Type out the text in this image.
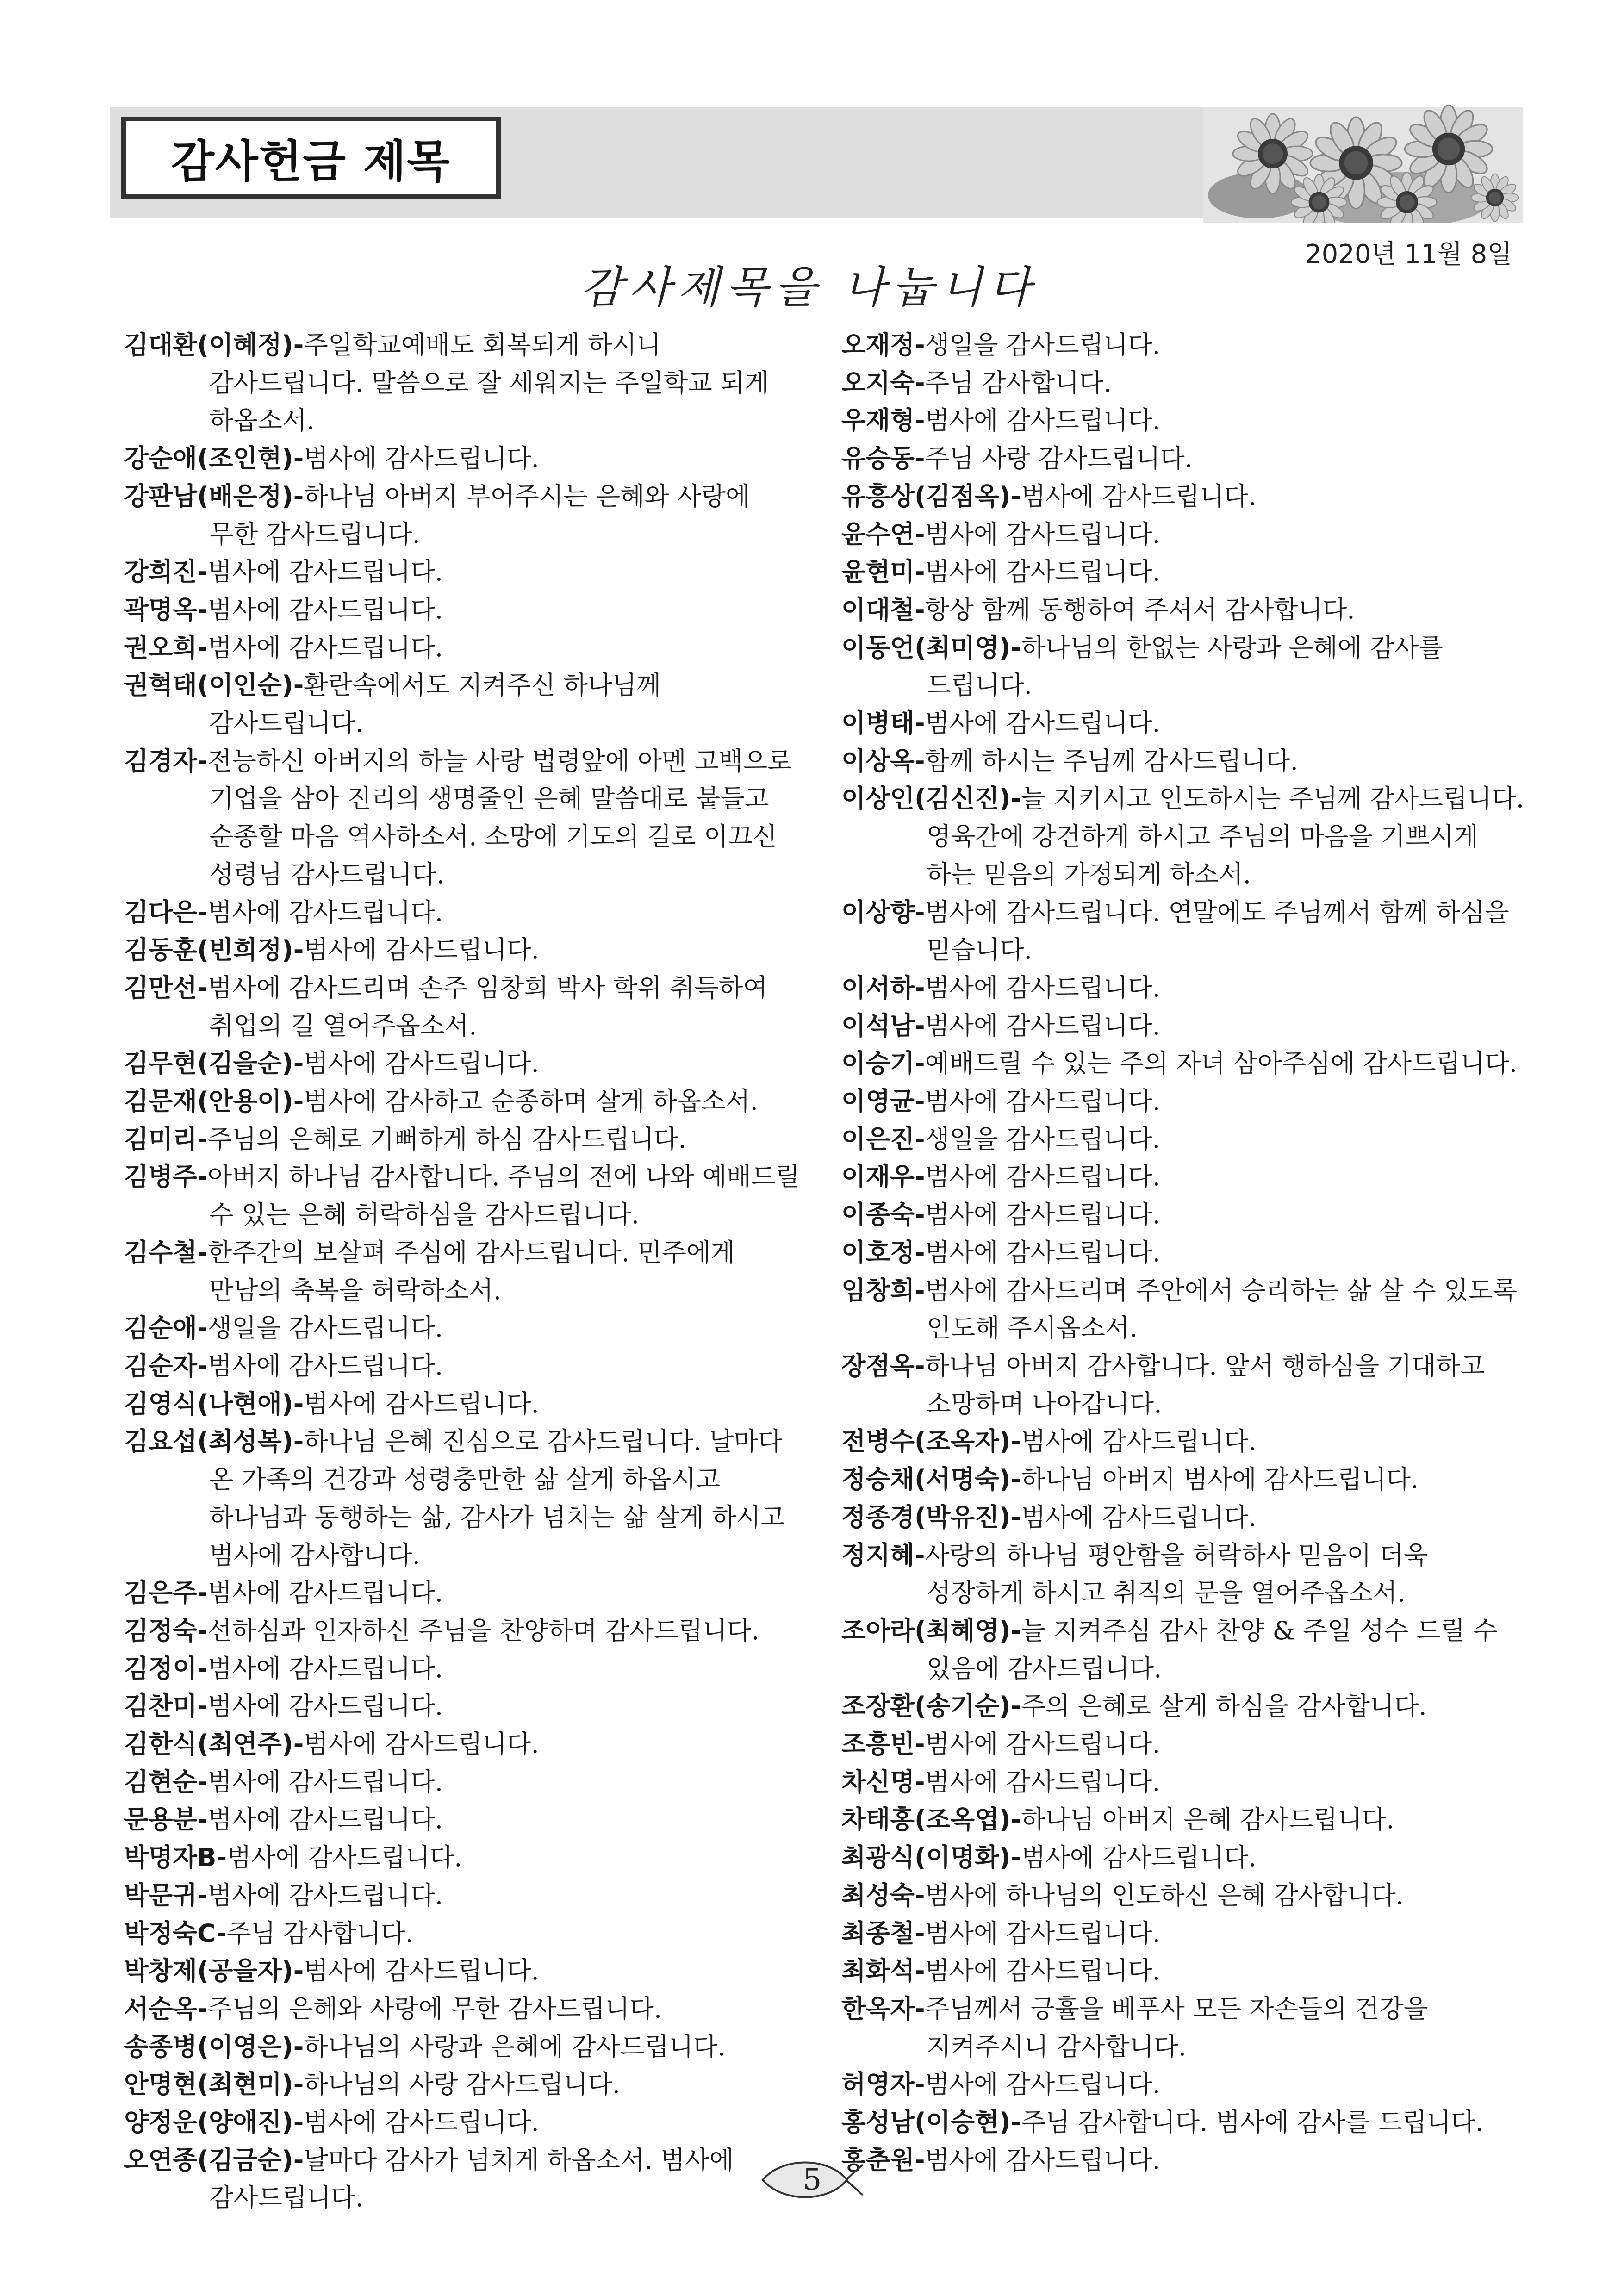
감사헌금 제목
2020년 11월 8일
감사제목을 나눕니다
김대환(이혜정)-주일학교예배도 회복되게 하시니 감사드립니다. 말씀으로 잘 세워지는 주일학교 되게 하옵소서.
강순애(조인현)-범사에 감사드립니다.
강판남(배은정)-하나님 아버지 부어주시는 은혜와 사랑에 무한 감사드립니다.
강희진-범사에 감사드립니다.
곽명옥-범사에 감사드립니다.
권오희-범사에 감사드립니다.
권혁태(이인순)-환란속에서도 지켜주신 하나님께 감사드립니다.
김경자-전능하신 아버지의 하늘 사랑 법령앞에 아멘 고백으로 기업을 삼아 진리의 생명줄인 은혜 말씀대로 붙들고 순종할 마음 역사하소서. 소망에 기도의 길로 이끄신 성령님 감사드립니다.
김다은-범사에 감사드립니다.
김동훈(빈희정)-범사에 감사드립니다.
김만선-범사에 감사드리며 손주 임창희 박사 학위 취득하여 취업의 길 열어주옵소서.
김무현(김을순)-범사에 감사드립니다.
김문재(안용이)-범사에 감사하고 순종하며 살게 하옵소서.
김미리-주님의 은혜로 기뻐하게 하심 감사드립니다.
김병주-아버지 하나님 감사합니다. 주님의 전에 나와 예배드릴 수 있는 은혜 허락하심을 감사드립니다.
김수철-한주간의 보살펴 주심에 감사드립니다. 민주에게 만남의 축복을 허락하소서.
김순애-생일을 감사드립니다.
김순자-범사에 감사드립니다.
김영식(나현애)-범사에 감사드립니다.
김요섭(최성복)-하나님 은혜 진심으로 감사드립니다. 날마다 온 가족의 건강과 성령충만한 삶 살게 하옵시고 하나님과 동행하는 삶, 감사가 넘치는 삶 살게 하시고 범사에 감사합니다.
김은주-범사에 감사드립니다.
김정숙-선하심과 인자하신 주님을 찬양하며 감사드립니다.
김정이-범사에 감사드립니다.
김찬미-범사에 감사드립니다.
김한식(최연주)-범사에 감사드립니다.
김현순-범사에 감사드립니다.
문용분-범사에 감사드립니다.
박명자B-범사에 감사드립니다.
박문귀-범사에 감사드립니다.
박정숙C-주님 감사합니다.
박창제(공을자)-범사에 감사드립니다.
서순옥-주님의 은혜와 사랑에 무한 감사드립니다.
송종병(이영은)-하나님의 사랑과 은혜에 감사드립니다.
안명현(최현미)-하나님의 사랑 감사드립니다.
양정운(양애진)-범사에 감사드립니다.
오연종(김금순)-날마다 감사가 넘치게 하옵소서. 범사에 감사드립니다.
오재정-생일을 감사드립니다.
오지숙-주님 감사합니다.
우재형-범사에 감사드립니다.
유승동-주님 사랑 감사드립니다.
유흥상(김점옥)-범사에 감사드립니다.
윤수연-범사에 감사드립니다.
윤현미-범사에 감사드립니다.
이대철-항상 함께 동행하여 주셔서 감사합니다.
이동언(최미영)-하나님의 한없는 사랑과 은혜에 감사를 드립니다.
이병태-범사에 감사드립니다.
이상옥-함께 하시는 주님께 감사드립니다.
이상인(김신진)-늘 지키시고 인도하시는 주님께 감사드립니다. 영육간에 강건하게 하시고 주님의 마음을 기쁘시게 하는 믿음의 가정되게 하소서.
이상향-범사에 감사드립니다. 연말에도 주님께서 함께 하심을 믿습니다.
이서하-범사에 감사드립니다.
이석남-범사에 감사드립니다.
이승기-예배드릴 수 있는 주의 자녀 삼아주심에 감사드립니다.
이영균-범사에 감사드립니다.
이은진-생일을 감사드립니다.
이재우-범사에 감사드립니다.
이종숙-범사에 감사드립니다.
이호정-범사에 감사드립니다.
임창희-범사에 감사드리며 주안에서 승리하는 삶 살 수 있도록 인도해 주시옵소서.
장점옥-하나님 아버지 감사합니다. 앞서 행하심을 기대하고 소망하며 나아갑니다.
전병수(조옥자)-범사에 감사드립니다.
정승채(서명숙)-하나님 아버지 범사에 감사드립니다.
정종경(박유진)-범사에 감사드립니다.
정지혜-사랑의 하나님 평안함을 허락하사 믿음이 더욱 성장하게 하시고 취직의 문을 열어주옵소서.
조아라(최혜영)-늘 지켜주심 감사 찬양 & 주일 성수 드릴 수 있음에 감사드립니다.
조장환(송기순)-주의 은혜로 살게 하심을 감사합니다.
조흥빈-범사에 감사드립니다.
차신명-범사에 감사드립니다.
차태홍(조옥엽)-하나님 아버지 은혜 감사드립니다.
최광식(이명화)-범사에 감사드립니다.
최성숙-범사에 하나님의 인도하신 은혜 감사합니다.
최종철-범사에 감사드립니다.
최화석-범사에 감사드립니다.
한옥자-주님께서 긍휼을 베푸사 모든 자손들의 건강을 지켜주시니 감사합니다.
허영자-범사에 감사드립니다.
홍성남(이승현)-주님 감사합니다. 범사에 감사를 드립니다.
홍춘원-범사에 감사드립니다.
5
